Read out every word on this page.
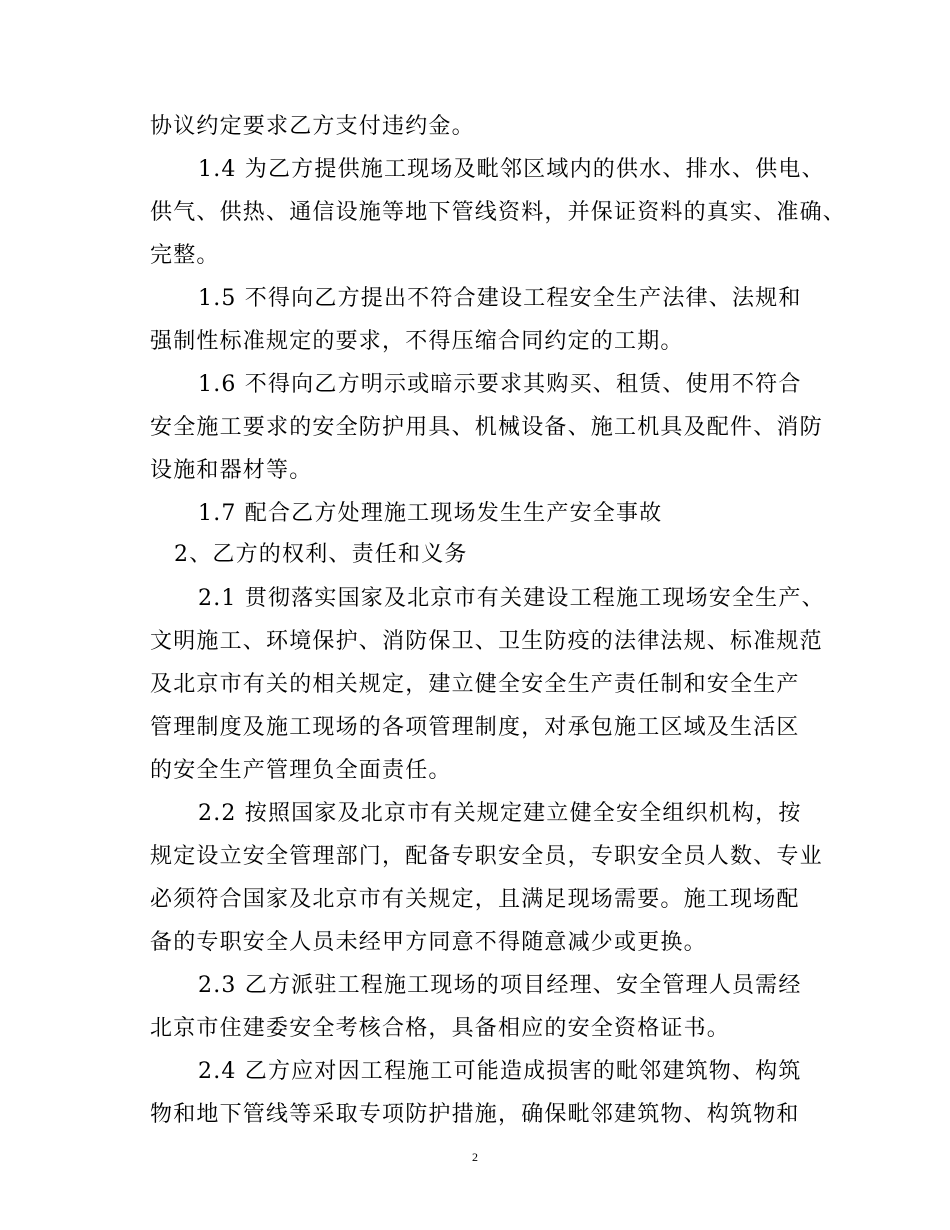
协议约定要求乙方支付违约金。
1.4 为乙方提供施工现场及毗邻区域内的供水、排水、供电、
供气、供热、通信设施等地下管线资料，并保证资料的真实、准确、
完整。
1.5 不得向乙方提出不符合建设工程安全生产法律、法规和
强制性标准规定的要求，不得压缩合同约定的工期。
1.6 不得向乙方明示或暗示要求其购买、租赁、使用不符合
安全施工要求的安全防护用具、机械设备、施工机具及配件、消防
设施和器材等。
1.7 配合乙方处理施工现场发生生产安全事故
2、乙方的权利、责任和义务
2.1 贯彻落实国家及北京市有关建设工程施工现场安全生产、
文明施工、环境保护、消防保卫、卫生防疫的法律法规、标准规范
及北京市有关的相关规定，建立健全安全生产责任制和安全生产
管理制度及施工现场的各项管理制度，对承包施工区域及生活区
的安全生产管理负全面责任。
2.2 按照国家及北京市有关规定建立健全安全组织机构，按
规定设立安全管理部门，配备专职安全员，专职安全员人数、专业
必须符合国家及北京市有关规定，且满足现场需要。施工现场配
备的专职安全人员未经甲方同意不得随意减少或更换。
2.3 乙方派驻工程施工现场的项目经理、安全管理人员需经
北京市住建委安全考核合格，具备相应的安全资格证书。
2.4 乙方应对因工程施工可能造成损害的毗邻建筑物、构筑
物和地下管线等采取专项防护措施，确保毗邻建筑物、构筑物和
2
